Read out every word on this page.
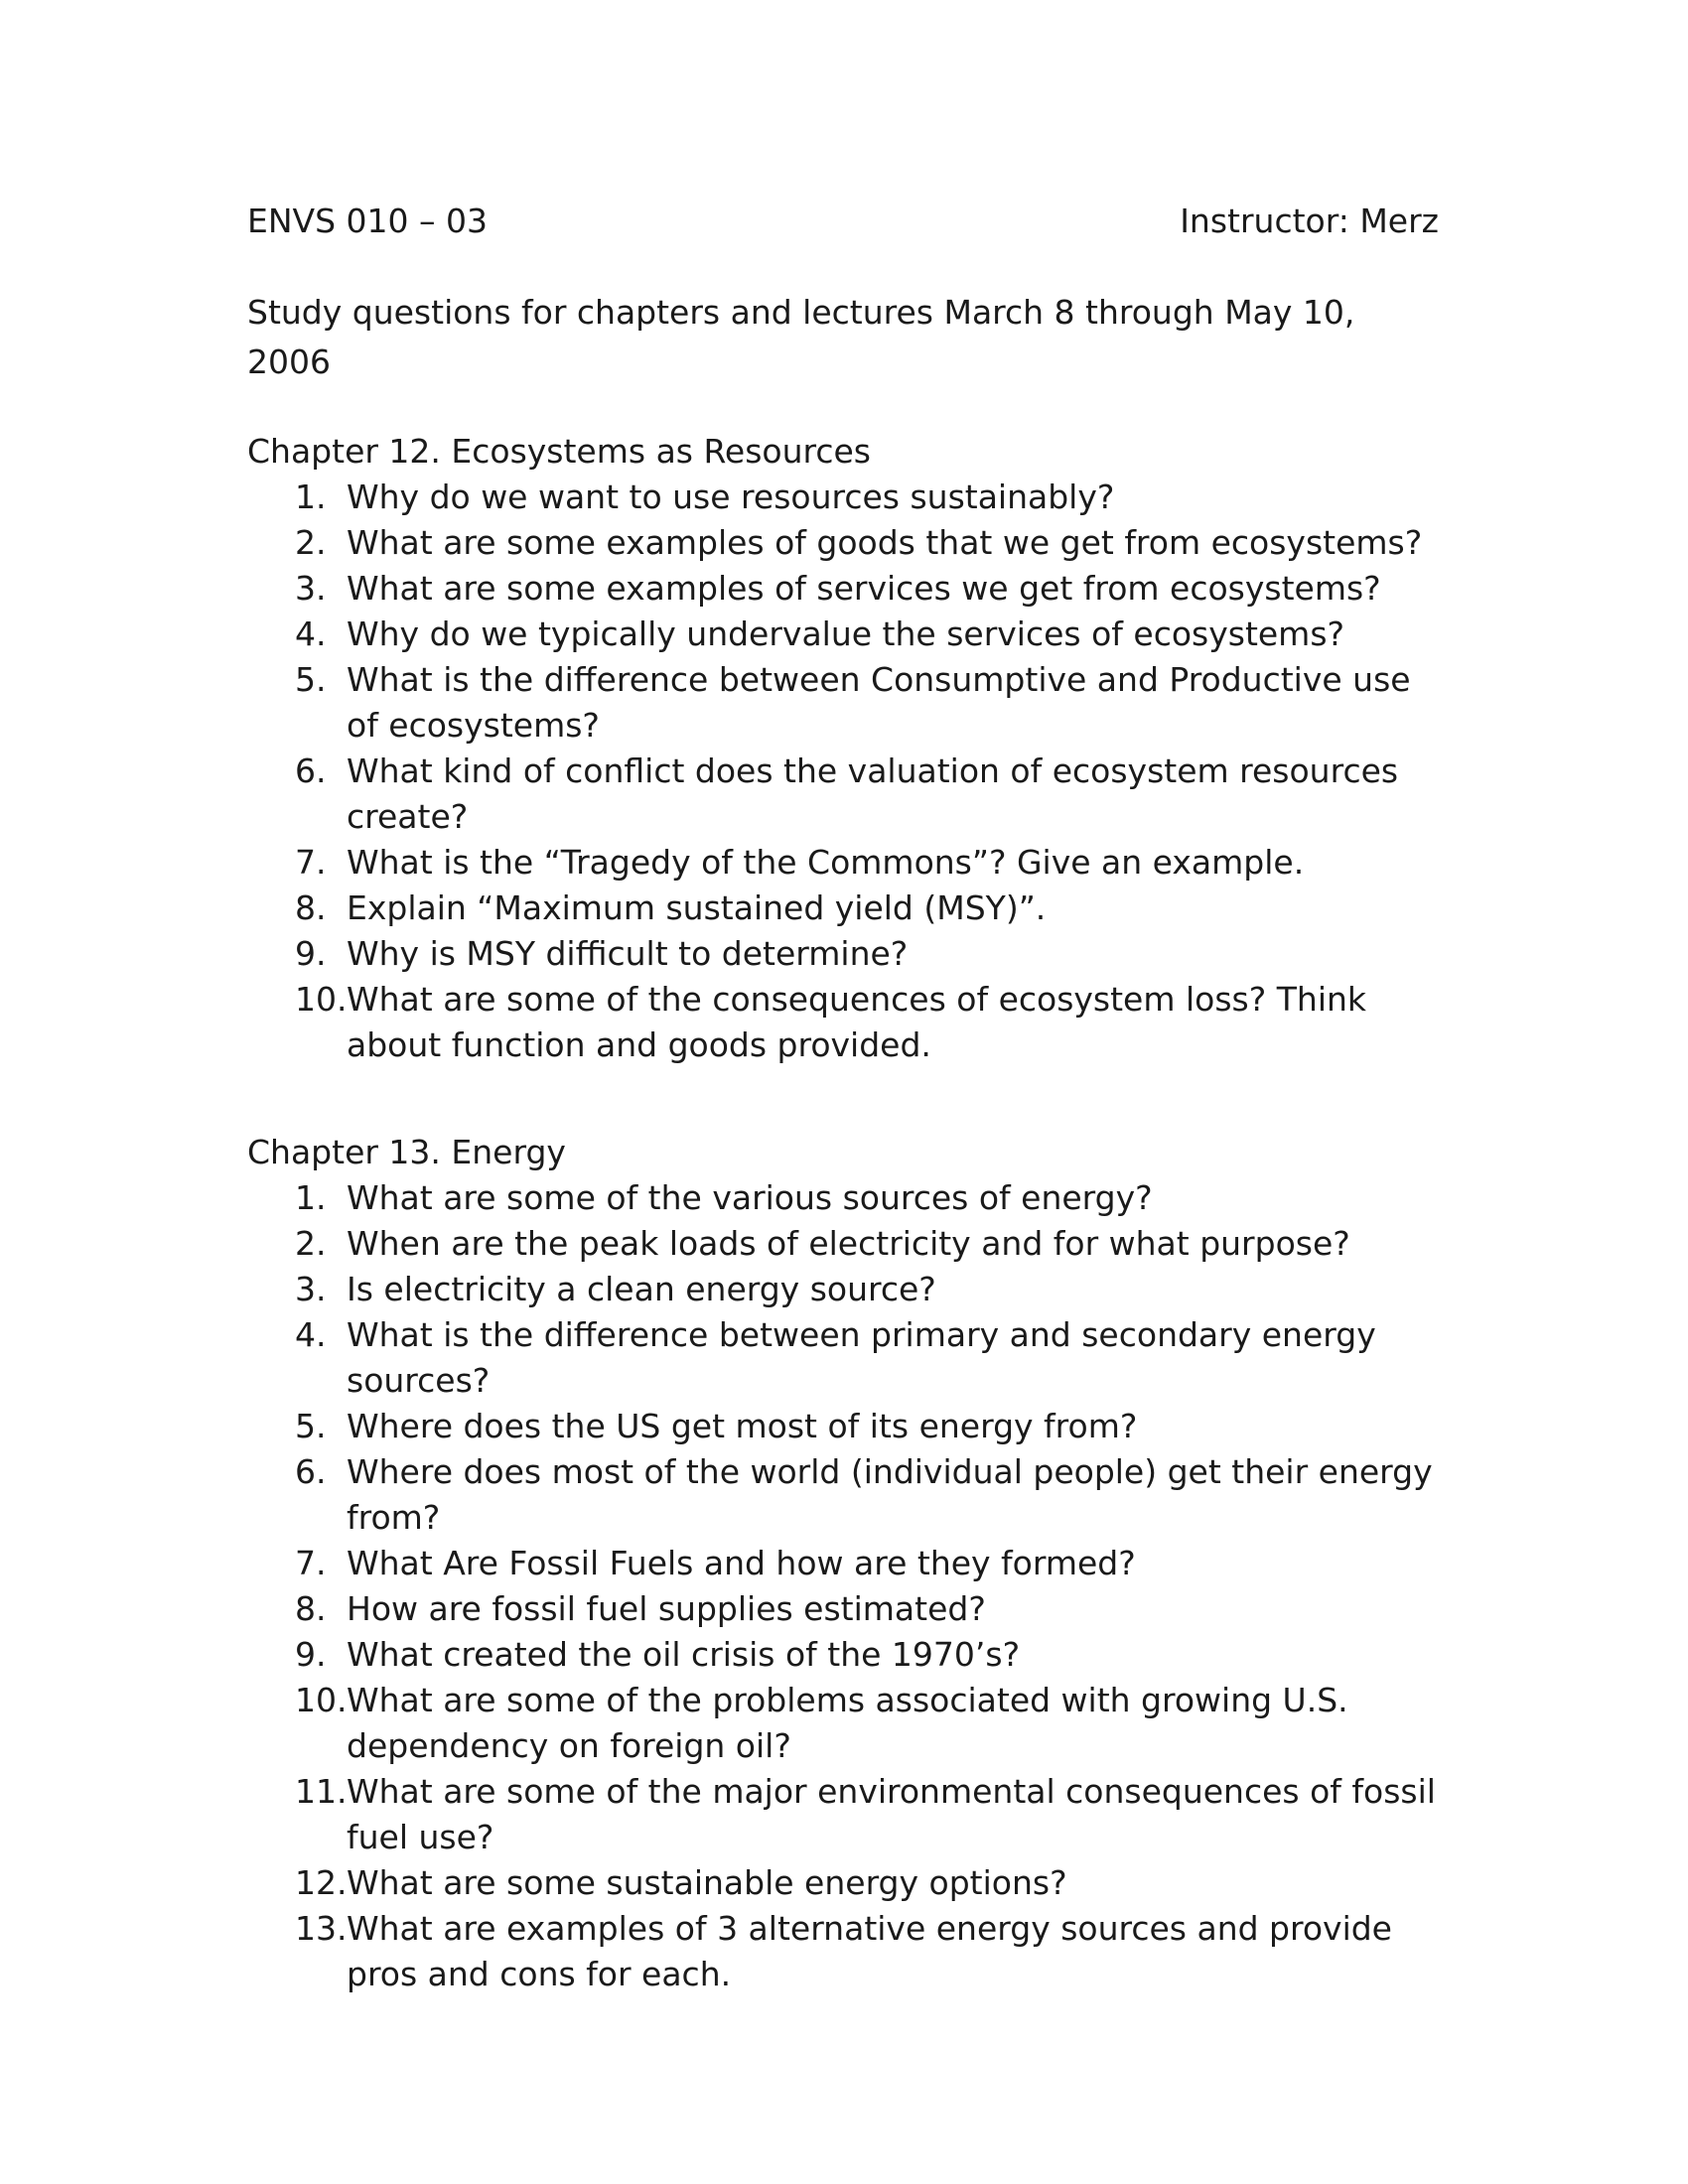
ENVS 010 – 03	Instructor: Merz
Study questions for chapters and lectures March 8 through May 10, 2006
Chapter 12. Ecosystems as Resources
1. Why do we want to use resources sustainably?
2. What are some examples of goods that we get from ecosystems?
3. What are some examples of services we get from ecosystems?
4. Why do we typically undervalue the services of ecosystems?
5. What is the difference between Consumptive and Productive use of ecosystems?
6. What kind of conflict does the valuation of ecosystem resources create?
7. What is the “Tragedy of the Commons”? Give an example.
8. Explain “Maximum sustained yield (MSY)”.
9. Why is MSY difficult to determine?
10. What are some of the consequences of ecosystem loss? Think about function and goods provided.
Chapter 13. Energy
1. What are some of the various sources of energy?
2. When are the peak loads of electricity and for what purpose?
3. Is electricity a clean energy source?
4. What is the difference between primary and secondary energy sources?
5. Where does the US get most of its energy from?
6. Where does most of the world (individual people) get their energy from?
7. What Are Fossil Fuels and how are they formed?
8. How are fossil fuel supplies estimated?
9. What created the oil crisis of the 1970’s?
10. What are some of the problems associated with growing U.S. dependency on foreign oil?
11. What are some of the major environmental consequences of fossil fuel use?
12. What are some sustainable energy options?
13. What are examples of 3 alternative energy sources and provide pros and cons for each.
